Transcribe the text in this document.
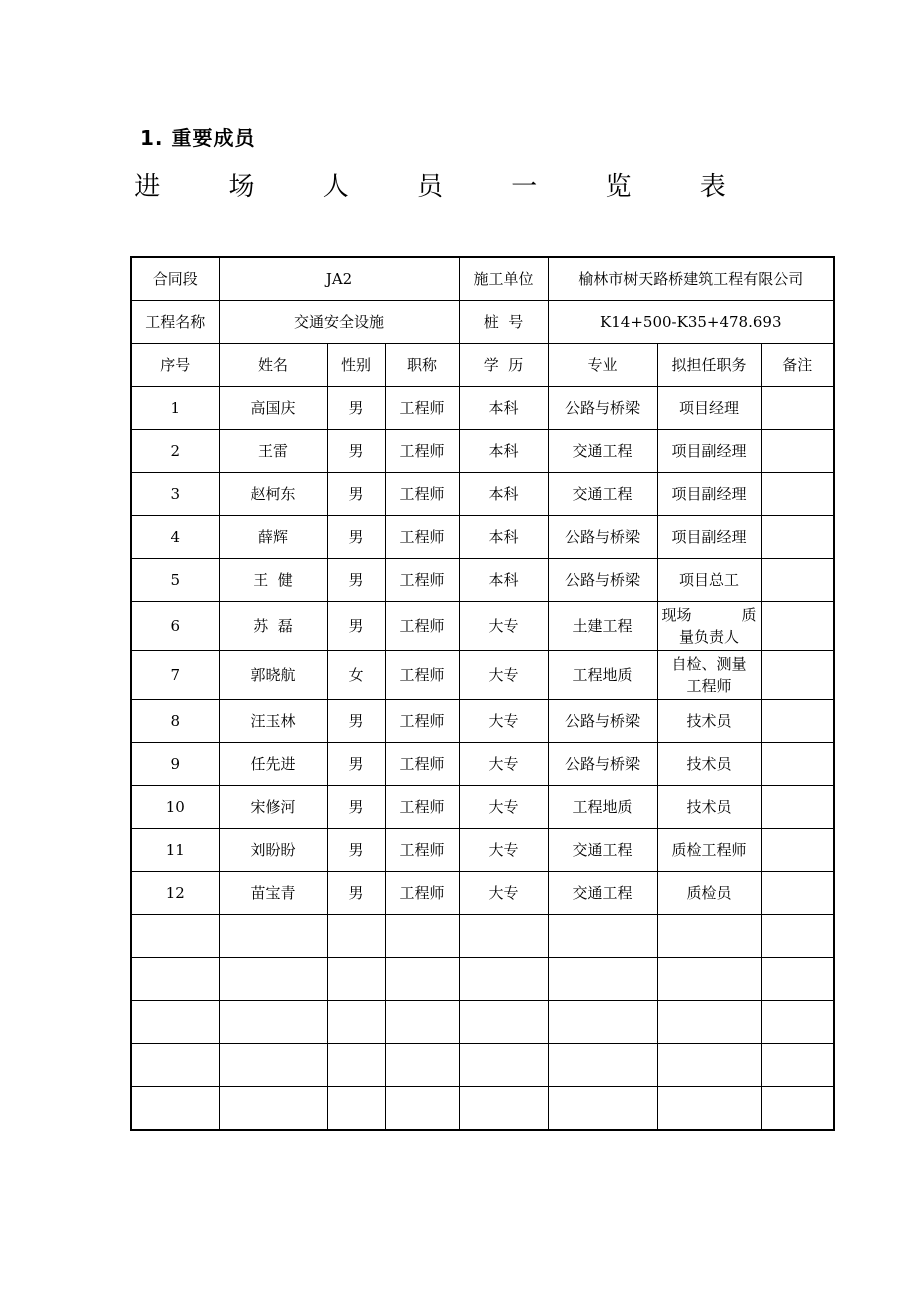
1. 重要成员
进 场 人 员 一 览 表
合同段	JA2			施工单位	榆林市树天路桥建筑工程有限公司		
工程名称	交通安全设施			桩  号	K14+500-K35+478.693		
序号	姓名	性别	职称	学  历	专业	拟担任职务	备注
1	高国庆	男	工程师	本科	公路与桥梁	项目经理	
2	王雷	男	工程师	本科	交通工程	项目副经理	
3	赵柯东	男	工程师	本科	交通工程	项目副经理	
4	薛辉	男	工程师	本科	公路与桥梁	项目副经理	
5	王  健	男	工程师	本科	公路与桥梁	项目总工	
6	苏  磊	男	工程师	大专	土建工程	现场 质
量负责人	

7	郭晓航	女	工程师	大专	工程地质	自检、测量
工程师	

8	汪玉林	男	工程师	大专	公路与桥梁	技术员	
9	任先进	男	工程师	大专	公路与桥梁	技术员	
10	宋修河	男	工程师	大专	工程地质	技术员	
11	刘盼盼	男	工程师	大专	交通工程	质检工程师	
12	苗宝青	男	工程师	大专	交通工程	质检员	
